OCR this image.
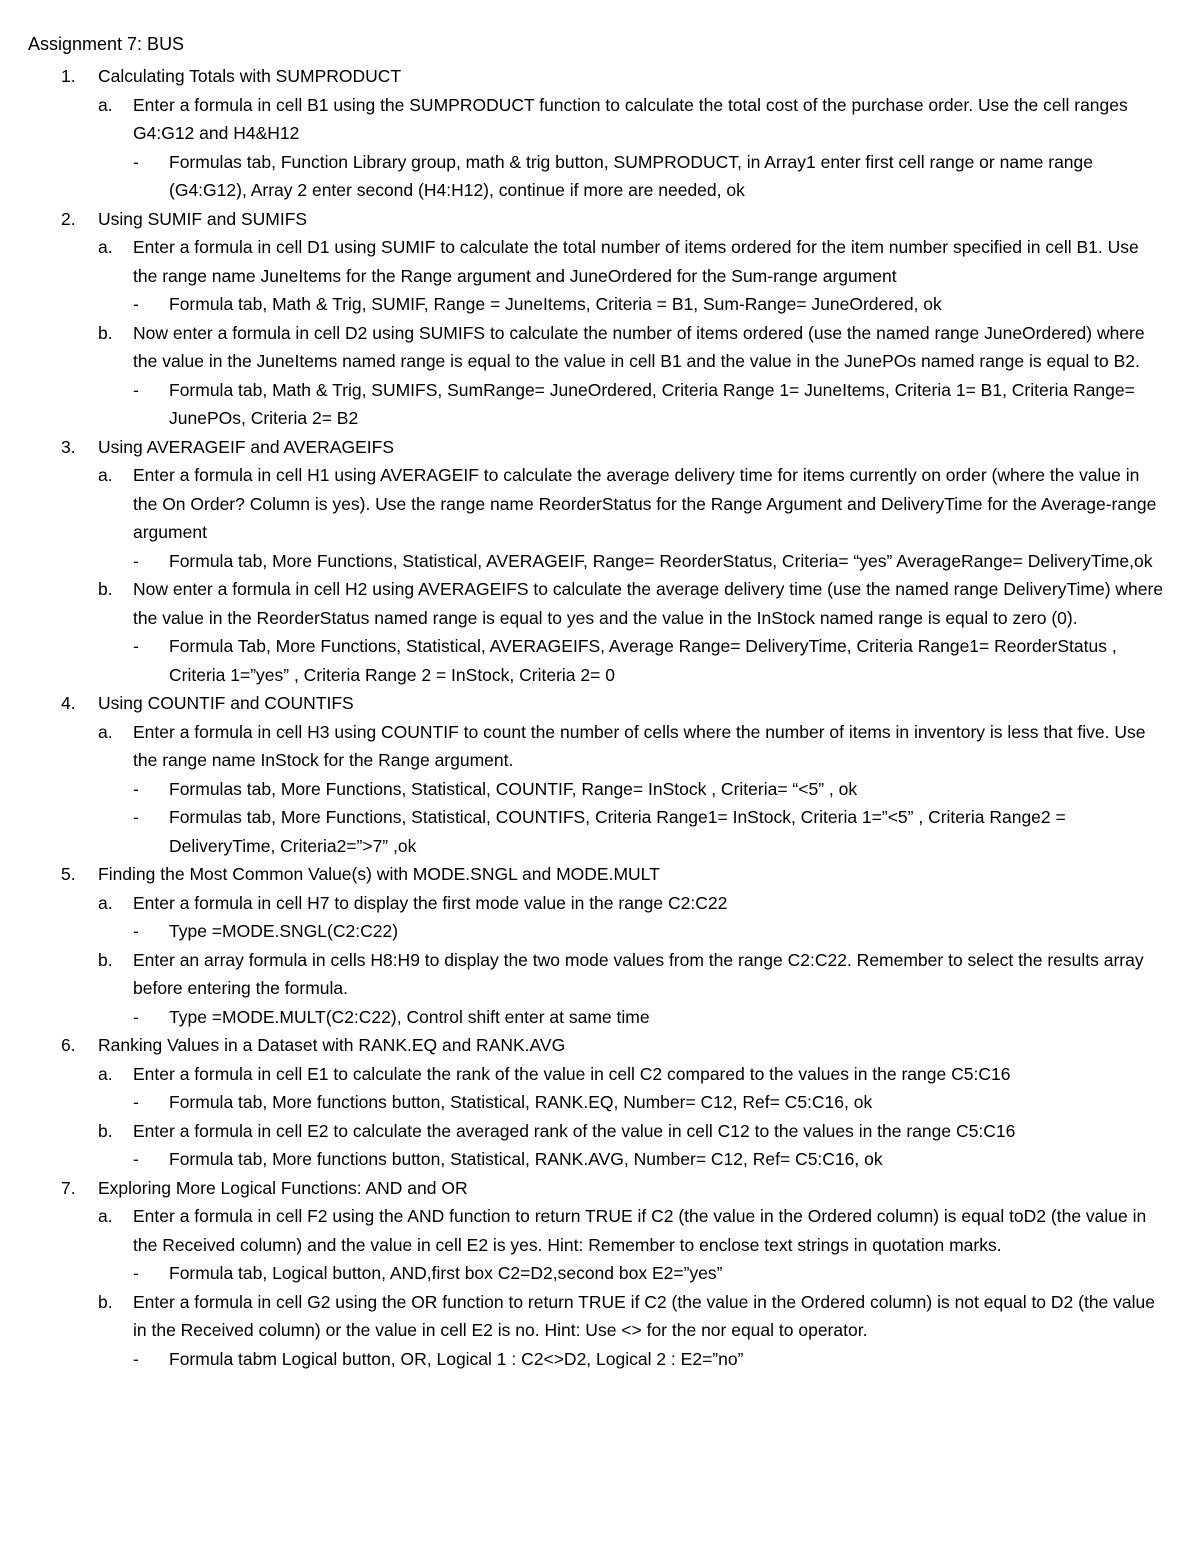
Assignment 7: BUS
1. Calculating Totals with SUMPRODUCT
a. Enter a formula in cell B1 using the SUMPRODUCT function to calculate the total cost of the purchase order. Use the cell ranges G4:G12 and H4&H12
- Formulas tab, Function Library group, math & trig button, SUMPRODUCT, in Array1 enter first cell range or name range (G4:G12), Array 2 enter second (H4:H12), continue if more are needed, ok
2. Using SUMIF and SUMIFS
a. Enter a formula in cell D1 using SUMIF to calculate the total number of items ordered for the item number specified in cell B1. Use the range name JuneItems for the Range argument and JuneOrdered for the Sum-range argument
- Formula tab, Math & Trig, SUMIF, Range = JuneItems, Criteria = B1, Sum-Range= JuneOrdered, ok
b. Now enter a formula in cell D2 using SUMIFS to calculate the number of items ordered (use the named range JuneOrdered) where the value in the JuneItems named range is equal to the value in cell B1 and the value in the JunePOs named range is equal to B2.
- Formula tab, Math & Trig, SUMIFS, SumRange= JuneOrdered, Criteria Range 1= JuneItems, Criteria 1= B1, Criteria Range= JunePOs, Criteria 2= B2
3. Using AVERAGEIF and AVERAGEIFS
a. Enter a formula in cell H1 using AVERAGEIF to calculate the average delivery time for items currently on order (where the value in the On Order? Column is yes). Use the range name ReorderStatus for the Range Argument and DeliveryTime for the Average-range argument
- Formula tab, More Functions, Statistical, AVERAGEIF, Range= ReorderStatus, Criteria= “yes” AverageRange= DeliveryTime,ok
b. Now enter a formula in cell H2 using AVERAGEIFS to calculate the average delivery time (use the named range DeliveryTime) where the value in the ReorderStatus named range is equal to yes and the value in the InStock named range is equal to zero (0).
- Formula Tab, More Functions, Statistical, AVERAGEIFS, Average Range= DeliveryTime, Criteria Range1= ReorderStatus , Criteria 1=”yes” , Criteria Range 2 = InStock, Criteria 2= 0
4. Using COUNTIF and COUNTIFS
a. Enter a formula in cell H3 using COUNTIF to count the number of cells where the number of items in inventory is less that five. Use the range name InStock for the Range argument.
- Formulas tab, More Functions, Statistical, COUNTIF, Range= InStock , Criteria= “<5” , ok
- Formulas tab, More Functions, Statistical, COUNTIFS, Criteria Range1= InStock, Criteria 1=”<5” , Criteria Range2 = DeliveryTime, Criteria2=”>7” ,ok
5. Finding the Most Common Value(s) with MODE.SNGL and MODE.MULT
a. Enter a formula in cell H7 to display the first mode value in the range C2:C22
- Type =MODE.SNGL(C2:C22)
b. Enter an array formula in cells H8:H9 to display the two mode values from the range C2:C22. Remember to select the results array before entering the formula.
- Type =MODE.MULT(C2:C22), Control shift enter at same time
6. Ranking Values in a Dataset with RANK.EQ and RANK.AVG
a. Enter a formula in cell E1 to calculate the rank of the value in cell C2 compared to the values in the range C5:C16
- Formula tab, More functions button, Statistical, RANK.EQ, Number= C12, Ref= C5:C16, ok
b. Enter a formula in cell E2 to calculate the averaged rank of the value in cell C12 to the values in the range C5:C16
- Formula tab, More functions button, Statistical, RANK.AVG, Number= C12, Ref= C5:C16, ok
7. Exploring More Logical Functions: AND and OR
a. Enter a formula in cell F2 using the AND function to return TRUE if C2 (the value in the Ordered column) is equal toD2 (the value in the Received column) and the value in cell E2 is yes. Hint: Remember to enclose text strings in quotation marks.
- Formula tab, Logical button, AND,first box C2=D2,second box E2=”yes”
b. Enter a formula in cell G2 using the OR function to return TRUE if C2 (the value in the Ordered column) is not equal to D2 (the value in the Received column) or the value in cell E2 is no. Hint: Use <> for the nor equal to operator.
- Formula tabm Logical button, OR, Logical 1 : C2<>D2, Logical 2 : E2=”no”
